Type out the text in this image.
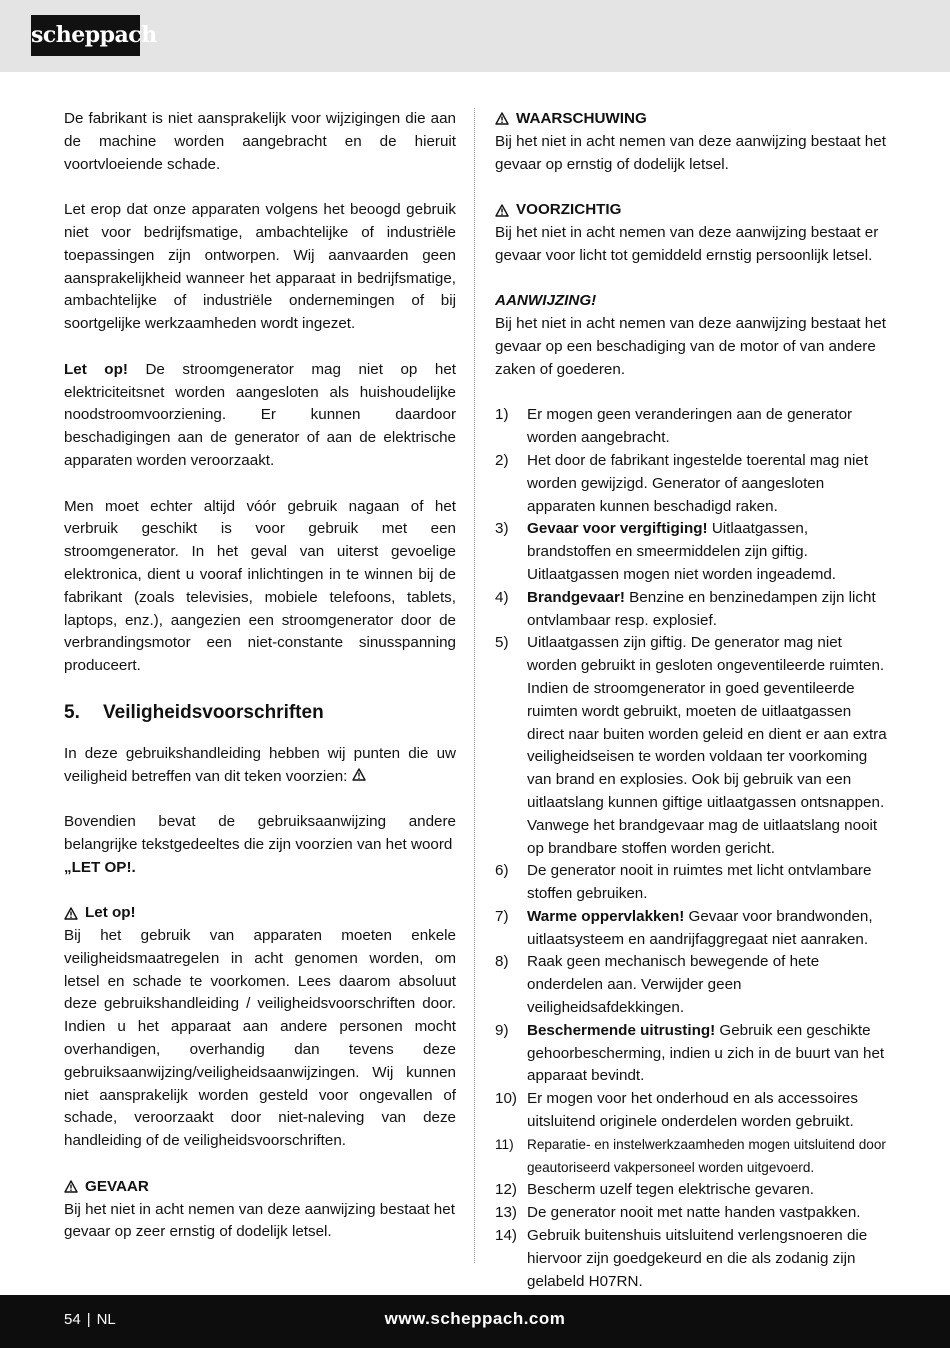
scheppach

De fabrikant is niet aansprakelijk voor wijzigingen die aan de machine worden aangebracht en de hieruit voortvloeiende schade.

Let erop dat onze apparaten volgens het beoogd gebruik niet voor bedrijfsmatige, ambachtelijke of industriële toepassingen zijn ontworpen. Wij aanvaarden geen aansprakelijkheid wanneer het apparaat in bedrijfsmatige, ambachtelijke of industriële ondernemingen of bij soortgelijke werkzaamheden wordt ingezet.

Let op! De stroomgenerator mag niet op het elektriciteitsnet worden aangesloten als huishoudelijke noodstroomvoorziening. Er kunnen daardoor beschadigingen aan de generator of aan de elektrische apparaten worden veroorzaakt.

Men moet echter altijd vóór gebruik nagaan of het verbruik geschikt is voor gebruik met een stroomgenerator. In het geval van uiterst gevoelige elektronica, dient u vooraf inlichtingen in te winnen bij de fabrikant (zoals televisies, mobiele telefoons, tablets, laptops, enz.), aangezien een stroomgenerator door de verbrandingsmotor een niet-constante sinusspanning produceert.

5.	Veiligheidsvoorschriften

In deze gebruikshandleiding hebben wij punten die uw veiligheid betreffen van dit teken voorzien:

Bovendien bevat de gebruiksaanwijzing andere belangrijke tekstgedeeltes die zijn voorzien van het woord
„LET OP!.

Let op!

Bij het gebruik van apparaten moeten enkele veiligheidsmaatregelen in acht genomen worden, om letsel en schade te voorkomen. Lees daarom absoluut deze gebruikshandleiding / veiligheidsvoorschriften door. Indien u het apparaat aan andere personen mocht overhandigen, overhandig dan tevens deze gebruiksaanwijzing/veiligheidsaanwijzingen. Wij kunnen niet aansprakelijk worden gesteld voor ongevallen of schade, veroorzaakt door niet-naleving van deze handleiding of de veiligheidsvoorschriften.

GEVAAR

Bij het niet in acht nemen van deze aanwijzing bestaat het gevaar op zeer ernstig of dodelijk letsel.

WAARSCHUWING

Bij het niet in acht nemen van deze aanwijzing bestaat het gevaar op ernstig of dodelijk letsel.

VOORZICHTIG

Bij het niet in acht nemen van deze aanwijzing bestaat er gevaar voor licht tot gemiddeld ernstig persoonlijk letsel.

AANWIJZING!

Bij het niet in acht nemen van deze aanwijzing bestaat het gevaar op een beschadiging van de motor of van andere zaken of goederen.

1)	Er mogen geen veranderingen aan de generator worden aangebracht.
2)	Het door de fabrikant ingestelde toerental mag niet worden gewijzigd. Generator of aangesloten apparaten kunnen beschadigd raken.
3)	Gevaar voor vergiftiging! Uitlaatgassen, brandstoffen en smeermiddelen zijn giftig. Uitlaatgassen mogen niet worden ingeademd.
4)	Brandgevaar! Benzine en benzinedampen zijn licht ontvlambaar resp. explosief.
5)	Uitlaatgassen zijn giftig. De generator mag niet worden gebruikt in gesloten ongeventileerde ruimten. Indien de stroomgenerator in goed geventileerde ruimten wordt gebruikt, moeten de uitlaatgassen direct naar buiten worden geleid en dient er aan extra veiligheidseisen te worden voldaan ter voorkoming van brand en explosies. Ook bij gebruik van een uitlaatslang kunnen giftige uitlaatgassen ontsnappen. Vanwege het brandgevaar mag de uitlaatslang nooit op brandbare stoffen worden gericht.
6)	De generator nooit in ruimtes met licht ontvlambare stoffen gebruiken.
7)	Warme oppervlakken! Gevaar voor brandwonden, uitlaatsysteem en aandrijfaggregaat niet aanraken.
8)	Raak geen mechanisch bewegende of hete onderdelen aan. Verwijder geen veiligheidsafdekkingen.
9)	Beschermende uitrusting! Gebruik een geschikte gehoorbescherming, indien u zich in de buurt van het apparaat bevindt.
10) Er mogen voor het onderhoud en als accessoires uitsluitend originele onderdelen worden gebruikt.
11) Reparatie- en instelwerkzaamheden mogen uitsluitend door geautoriseerd vakpersoneel worden uitgevoerd.
12) Bescherm uzelf tegen elektrische gevaren.
13) De generator nooit met natte handen vastpakken.
14) Gebruik buitenshuis uitsluitend verlengsnoeren die hiervoor zijn goedgekeurd en die als zodanig zijn gelabeld H07RN.
54 | NL	www.scheppach.com
